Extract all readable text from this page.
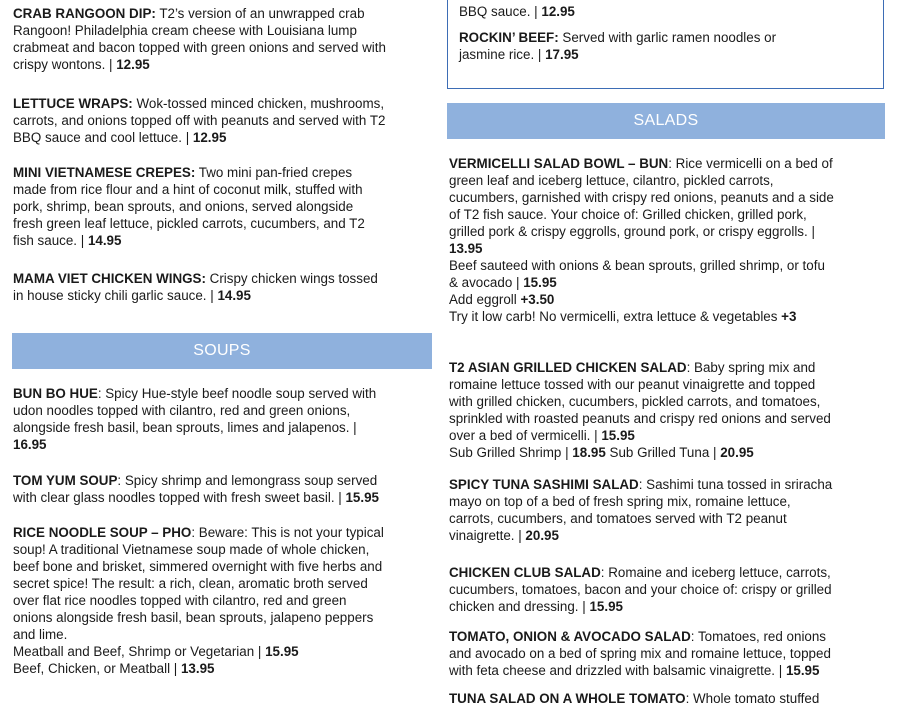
CRAB RANGOON DIP: T2’s version of an unwrapped crab
Rangoon! Philadelphia cream cheese with Louisiana lump
crabmeat and bacon topped with green onions and served with
crispy wontons. | 12.95
LETTUCE WRAPS: Wok-tossed minced chicken, mushrooms,
carrots, and onions topped off with peanuts and served with T2
BBQ sauce and cool lettuce. | 12.95
MINI VIETNAMESE CREPES: Two mini pan-fried crepes
made from rice flour and a hint of coconut milk, stuffed with
pork, shrimp, bean sprouts, and onions, served alongside
fresh green leaf lettuce, pickled carrots, cucumbers, and T2
fish sauce. | 14.95
MAMA VIET CHICKEN WINGS: Crispy chicken wings tossed
in house sticky chili garlic sauce. | 14.95
BUN BO HUE: Spicy Hue-style beef noodle soup served with
udon noodles topped with cilantro, red and green onions,
alongside fresh basil, bean sprouts, limes and jalapenos. |
16.95
TOM YUM SOUP: Spicy shrimp and lemongrass soup served
with clear glass noodles topped with fresh sweet basil. | 15.95
RICE NOODLE SOUP – PHO: Beware: This is not your typical
soup! A traditional Vietnamese soup made of whole chicken,
beef bone and brisket, simmered overnight with five herbs and
secret spice! The result: a rich, clean, aromatic broth served
over flat rice noodles topped with cilantro, red and green
onions alongside fresh basil, bean sprouts, jalapeno peppers
and lime.
Meatball and Beef, Shrimp or Vegetarian | 15.95
Beef, Chicken, or Meatball | 13.95
SOUPS
BBQ sauce. | 12.95
ROCKIN’ BEEF: Served with garlic ramen noodles or
jasmine rice. | 17.95
VERMICELLI SALAD BOWL – BUN: Rice vermicelli on a bed of
green leaf and iceberg lettuce, cilantro, pickled carrots,
cucumbers, garnished with crispy red onions, peanuts and a side
of T2 fish sauce. Your choice of: Grilled chicken, grilled pork,
grilled pork & crispy eggrolls, ground pork, or crispy eggrolls. |
13.95
Beef sauteed with onions & bean sprouts, grilled shrimp, or tofu
& avocado | 15.95
Add eggroll +3.50
Try it low carb! No vermicelli, extra lettuce & vegetables +3
T2 ASIAN GRILLED CHICKEN SALAD: Baby spring mix and
romaine lettuce tossed with our peanut vinaigrette and topped
with grilled chicken, cucumbers, pickled carrots, and tomatoes,
sprinkled with roasted peanuts and crispy red onions and served
over a bed of vermicelli. | 15.95
Sub Grilled Shrimp | 18.95 Sub Grilled Tuna | 20.95
SPICY TUNA SASHIMI SALAD: Sashimi tuna tossed in sriracha
mayo on top of a bed of fresh spring mix, romaine lettuce,
carrots, cucumbers, and tomatoes served with T2 peanut
vinaigrette. | 20.95
CHICKEN CLUB SALAD: Romaine and iceberg lettuce, carrots,
cucumbers, tomatoes, bacon and your choice of: crispy or grilled
chicken and dressing. | 15.95
TOMATO, ONION & AVOCADO SALAD: Tomatoes, red onions
and avocado on a bed of spring mix and romaine lettuce, topped
with feta cheese and drizzled with balsamic vinaigrette. | 15.95
TUNA SALAD ON A WHOLE TOMATO: Whole tomato stuffed
SALADS
